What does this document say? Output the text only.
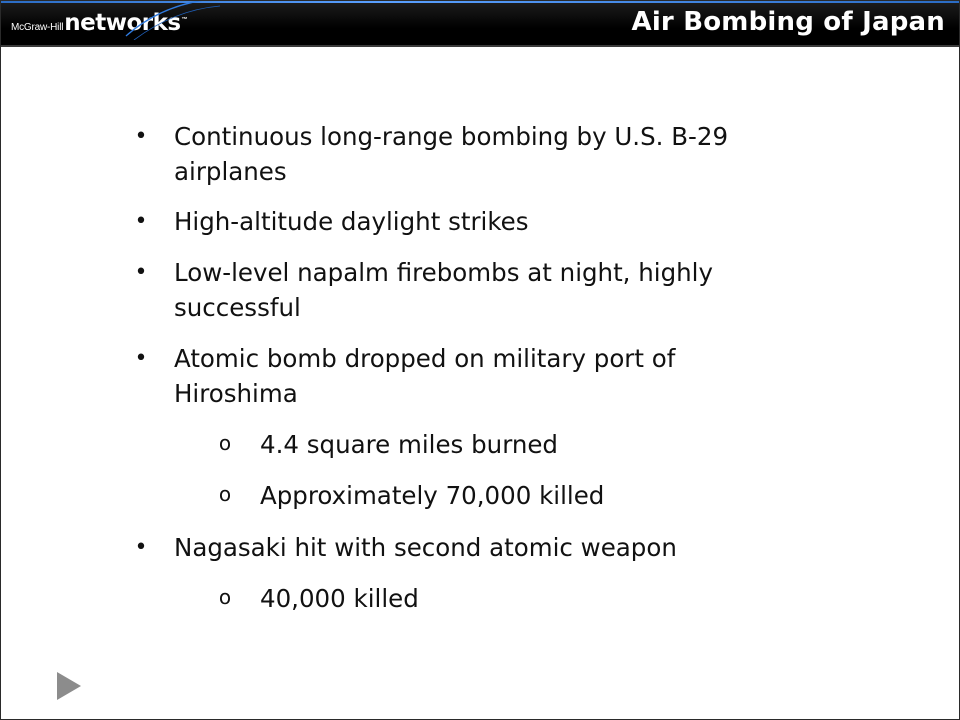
McGraw-Hill networks™	Air Bombing of Japan
• Continuous long-range bombing by U.S. B-29
airplanes
• High-altitude daylight strikes
• Low-level napalm firebombs at night, highly
successful
• Atomic bomb dropped on military port of
Hiroshima
o 4.4 square miles burned
o Approximately 70,000 killed
• Nagasaki hit with second atomic weapon
o 40,000 killed
